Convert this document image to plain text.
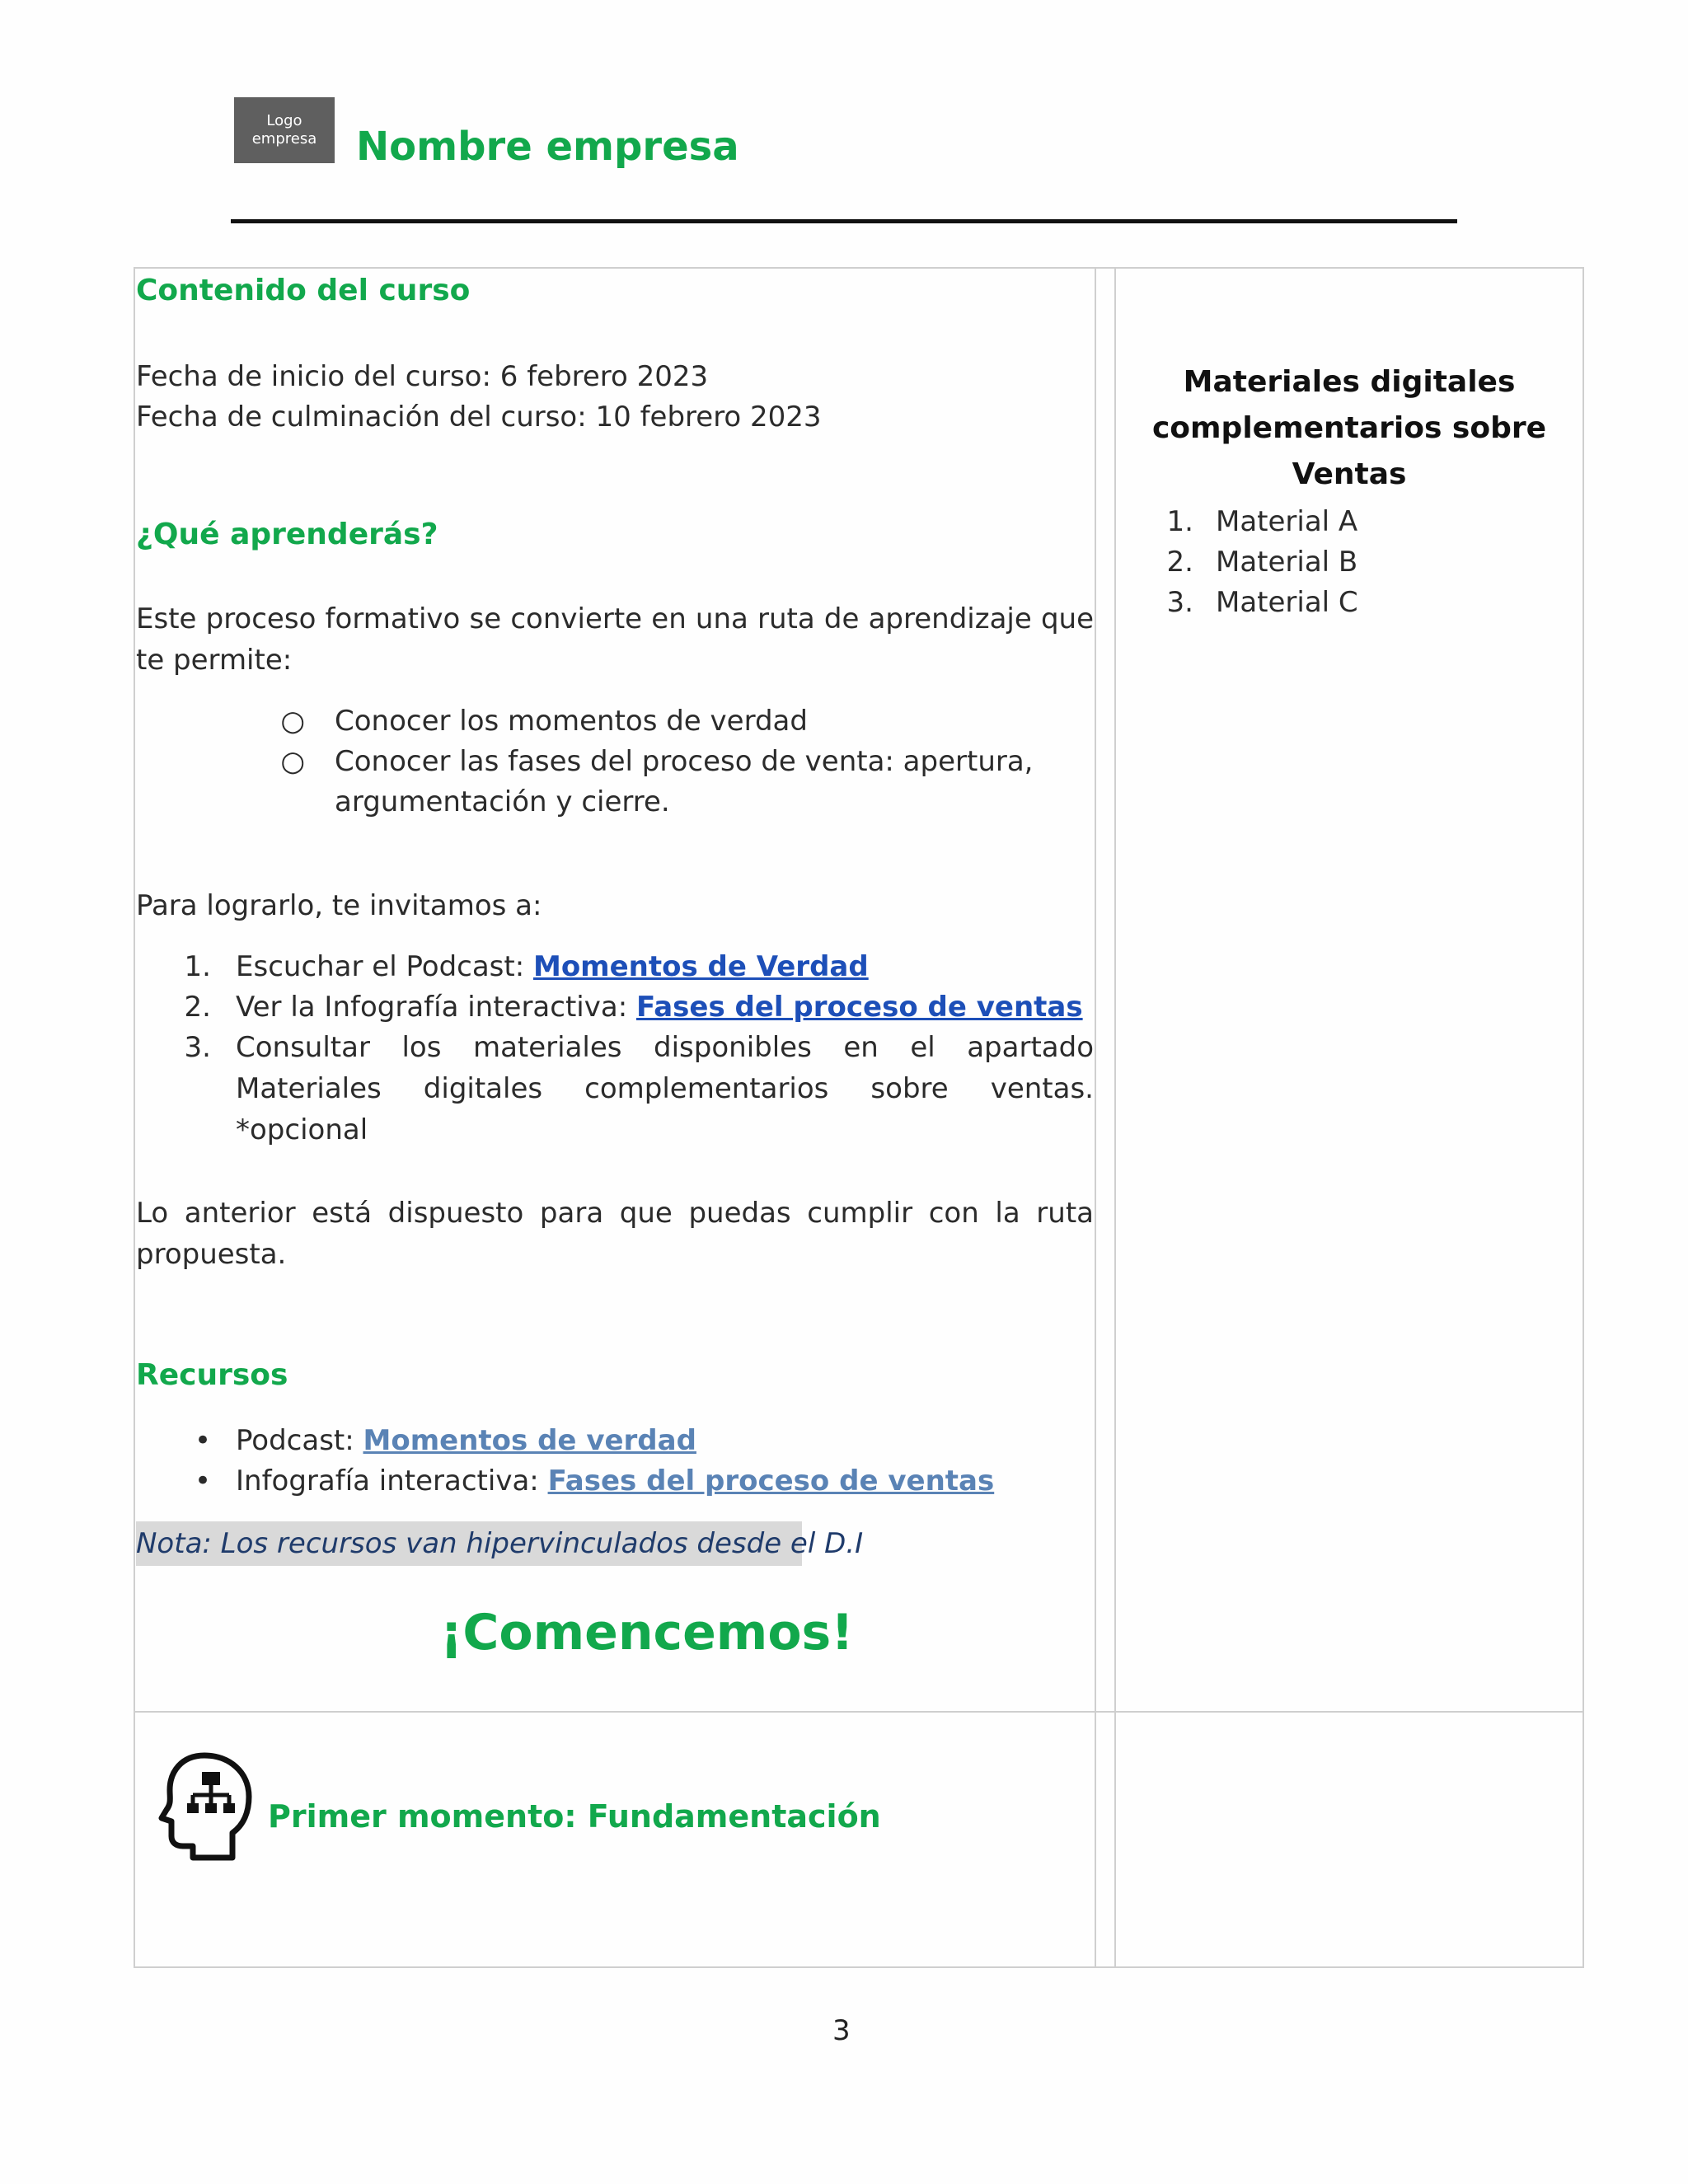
Logo
empresa Nombre empresa
Contenido del curso
Fecha de inicio del curso: 6 febrero 2023
Fecha de culminación del curso: 10 febrero 2023
¿Qué aprenderás?
Este proceso formativo se convierte en una ruta de aprendizaje que te permite:
○ Conocer los momentos de verdad
○ Conocer las fases del proceso de venta: apertura,
argumentación y cierre.
Para lograrlo, te invitamos a:
1. Escuchar el Podcast: Momentos de Verdad
2. Ver la Infografía interactiva: Fases del proceso de ventas
3. Consultar los materiales disponibles en el apartado Materiales digitales complementarios sobre ventas. *opcional
Lo anterior está dispuesto para que puedas cumplir con la ruta propuesta.
Recursos
• Podcast: Momentos de verdad
• Infografía interactiva: Fases del proceso de ventas
Nota: Los recursos van hipervinculados desde el D.I
¡Comencemos!
Materiales digitales
complementarios sobre Ventas
1. Material A
2. Material B
3. Material C
Primer momento: Fundamentación
3
